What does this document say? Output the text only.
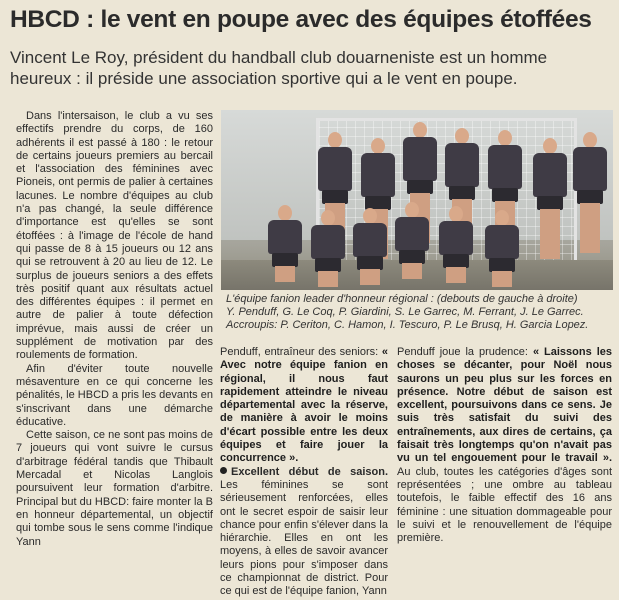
HBCD : le vent en poupe avec des équipes étoffées
Vincent Le Roy, président du handball club douarneniste est un homme
heureux : il préside une association sportive qui a le vent en poupe.

Dans l'intersaison, le club a vu ses effectifs prendre du corps, de 160 adhérents il est passé à 180 : le retour de certains joueurs premiers au bercail et l'association des féminines avec Pioneis, ont permis de palier à certaines lacunes. Le nombre d'équipes au club n'a pas changé, la seule différence d'importance est qu'elles se sont étoffées : à l'image de l'école de hand qui passe de 8 à 15 joueurs ou 12 ans qui se retrouvent à 20 au lieu de 12. Le surplus de joueurs seniors a des effets très positif quant aux résultats actuel des différentes équipes : il permet en autre de palier à toute défection imprévue, mais aussi de créer un supplément de motivation par des roulements de formation.

Afin d'éviter toute nouvelle mésaventure en ce qui concerne les pénalités, le HBCD a pris les devants en s'inscrivant dans une démarche éducative.

Cette saison, ce ne sont pas moins de 7 joueurs qui vont suivre le cursus d'arbitrage fédéral tandis que Thibault Mercadal et Nicolas Langlois poursuivent leur formation d'arbitre. Principal but du HBCD: faire monter la B en honneur départemental, un objectif qui tombe sous le sens comme l'indique Yann

L'équipe fanion leader d'honneur régional : (debouts de gauche à droite)
Y. Penduff, G. Le Coq, P. Giardini, S. Le Garrec, M. Ferrant, J. Le Garrec.
Accroupis: P. Ceriton, C. Hamon, I. Tescuro, P. Le Brusq, H. Garcia Lopez.

Penduff, entraîneur des seniors: « Avec notre équipe fanion en régional, il nous faut rapidement atteindre le niveau départemental avec la réserve, de manière à avoir le moins d'écart possible entre les deux équipes et faire jouer la concurrence ».

Excellent début de saison. Les féminines se sont sérieusement renforcées, elles ont le secret espoir de saisir leur chance pour enfin s'élever dans la hiérarchie. Elles en ont les moyens, à elles de savoir avancer leurs pions pour s'imposer dans ce championnat de district. Pour ce qui est de l'équipe fanion, Yann

Penduff joue la prudence: « Laissons les choses se décanter, pour Noël nous saurons un peu plus sur les forces en présence. Notre début de saison est excellent, poursuivons dans ce sens. Je suis très satisfait du suivi des entraînements, aux dires de certains, ça faisait très longtemps qu'on n'avait pas vu un tel engouement pour le travail ». Au club, toutes les catégories d'âges sont représentées ; une ombre au tableau toutefois, le faible effectif des 16 ans féminine : une situation dommageable pour le suivi et le renouvellement de l'équipe première.
